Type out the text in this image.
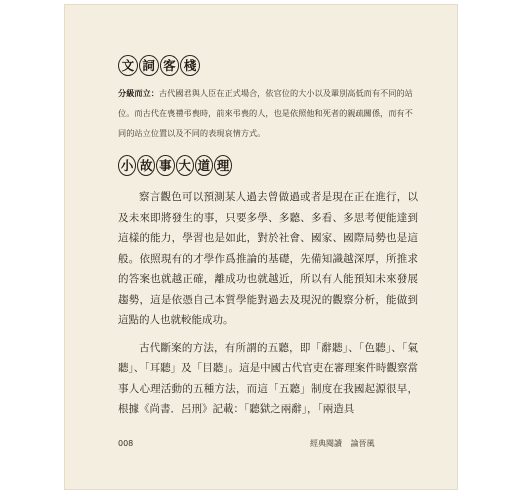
文 詞 客 棧
分級而立：古代國君與人臣在正式場合，依官位的大小以及輩別高低而有不同的站位。而古代在喪禮弔喪時，前來弔喪的人，也是依照他和死者的親疏關係，而有不同的站立位置以及不同的表現哀情方式。
小 故 事 大 道 理

察言觀色可以預測某人過去曾做過或者是現在正在進行，以及未來即將發生的事，只要多學、多聽、多看、多思考便能達到這樣的能力，學習也是如此，對於社會、國家、國際局勢也是這般。依照現有的才學作爲推論的基礎，先備知識越深厚，所推求的答案也就越正確，離成功也就越近，所以有人能預知未來發展趨勢，這是依憑自己本質學能對過去及現況的觀察分析，能做到這點的人也就較能成功。

古代斷案的方法，有所謂的五聽，即「辭聽」、「色聽」、「氣聽」、「耳聽」及「目聽」。這是中國古代官吏在審理案件時觀察當事人心理活動的五種方法，而這「五聽」制度在我國起源很早，根據《尚書．呂刑》記載：「聽獄之兩辭」，「兩造具

008	經典閱讀 論晉風
